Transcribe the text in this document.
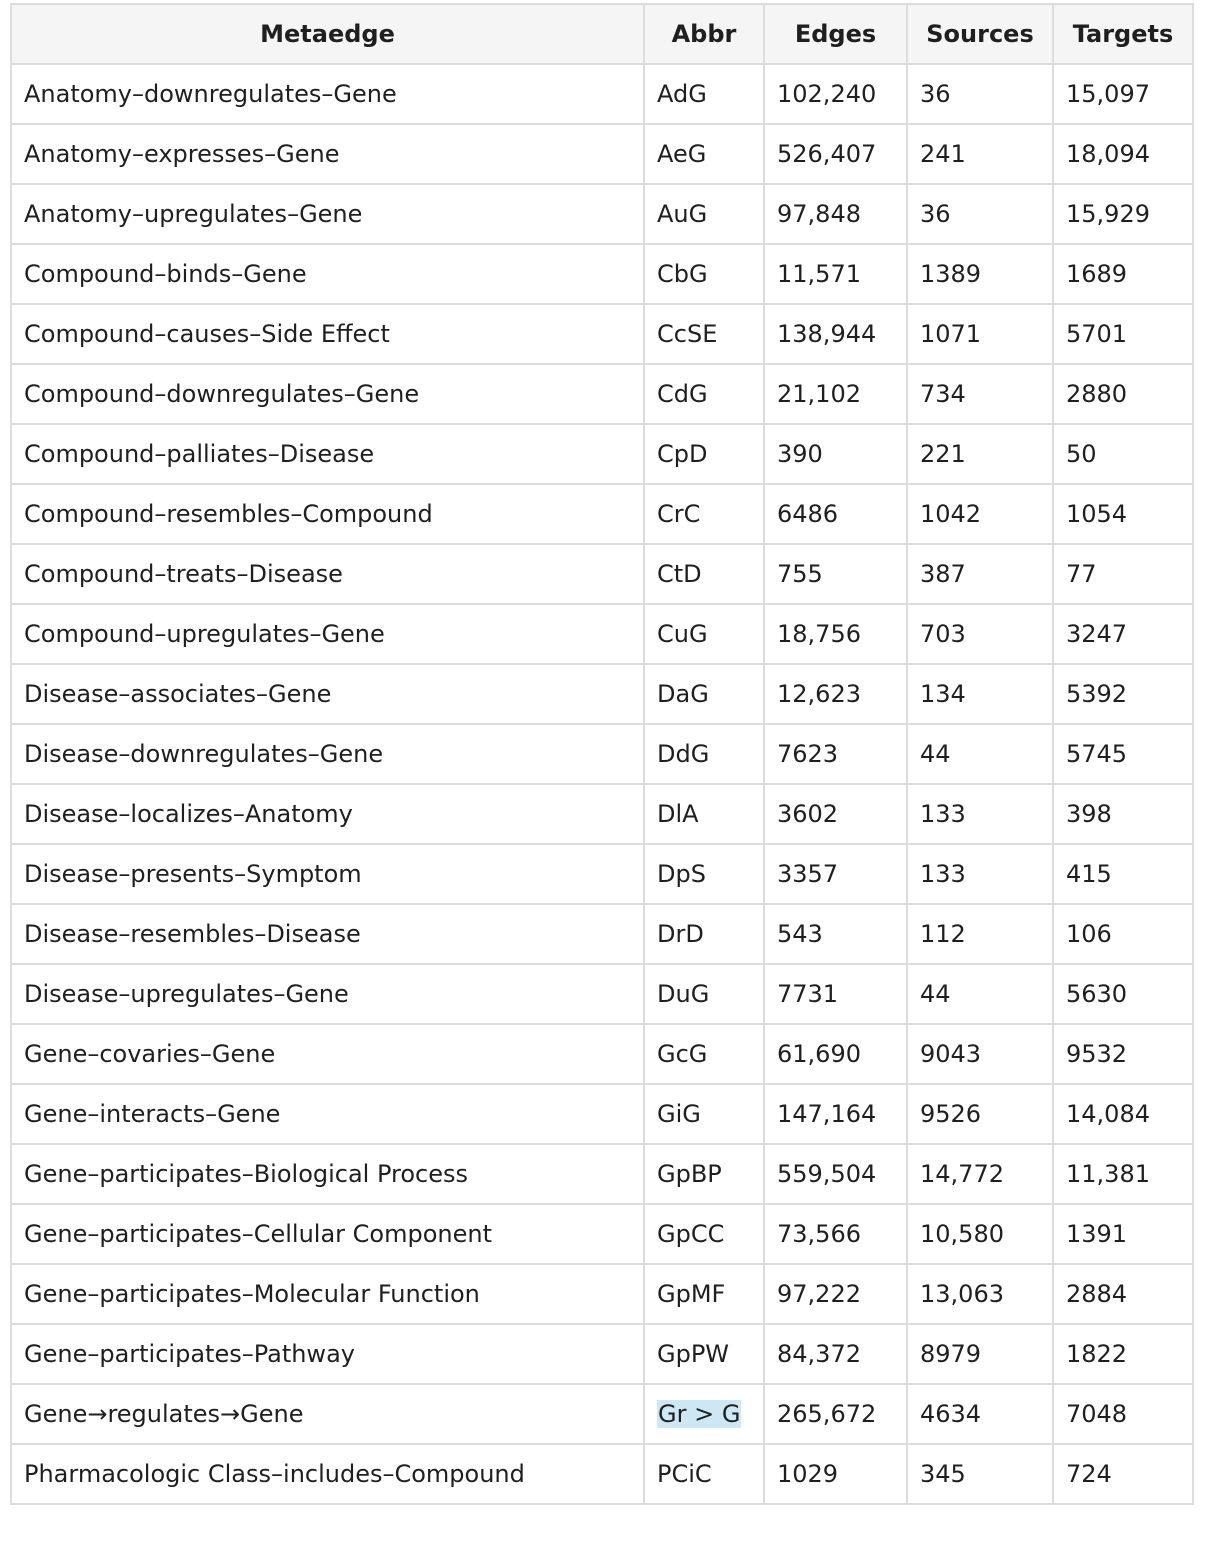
Metaedge	Abbr	Edges	Sources	Targets
Anatomy–downregulates–Gene	AdG	102,240	36	15,097
Anatomy–expresses–Gene	AeG	526,407	241	18,094
Anatomy–upregulates–Gene	AuG	97,848	36	15,929
Compound–binds–Gene	CbG	11,571	1389	1689
Compound–causes–Side Effect	CcSE	138,944	1071	5701
Compound–downregulates–Gene	CdG	21,102	734	2880
Compound–palliates–Disease	CpD	390	221	50
Compound–resembles–Compound	CrC	6486	1042	1054
Compound–treats–Disease	CtD	755	387	77
Compound–upregulates–Gene	CuG	18,756	703	3247
Disease–associates–Gene	DaG	12,623	134	5392
Disease–downregulates–Gene	DdG	7623	44	5745
Disease–localizes–Anatomy	DlA	3602	133	398
Disease–presents–Symptom	DpS	3357	133	415
Disease–resembles–Disease	DrD	543	112	106
Disease–upregulates–Gene	DuG	7731	44	5630
Gene–covaries–Gene	GcG	61,690	9043	9532
Gene–interacts–Gene	GiG	147,164	9526	14,084
Gene–participates–Biological Process	GpBP	559,504	14,772	11,381
Gene–participates–Cellular Component	GpCC	73,566	10,580	1391
Gene–participates–Molecular Function	GpMF	97,222	13,063	2884
Gene–participates–Pathway	GpPW	84,372	8979	1822
Gene→regulates→Gene	Gr > G	265,672	4634	7048
Pharmacologic Class–includes–Compound	PCiC	1029	345	724
